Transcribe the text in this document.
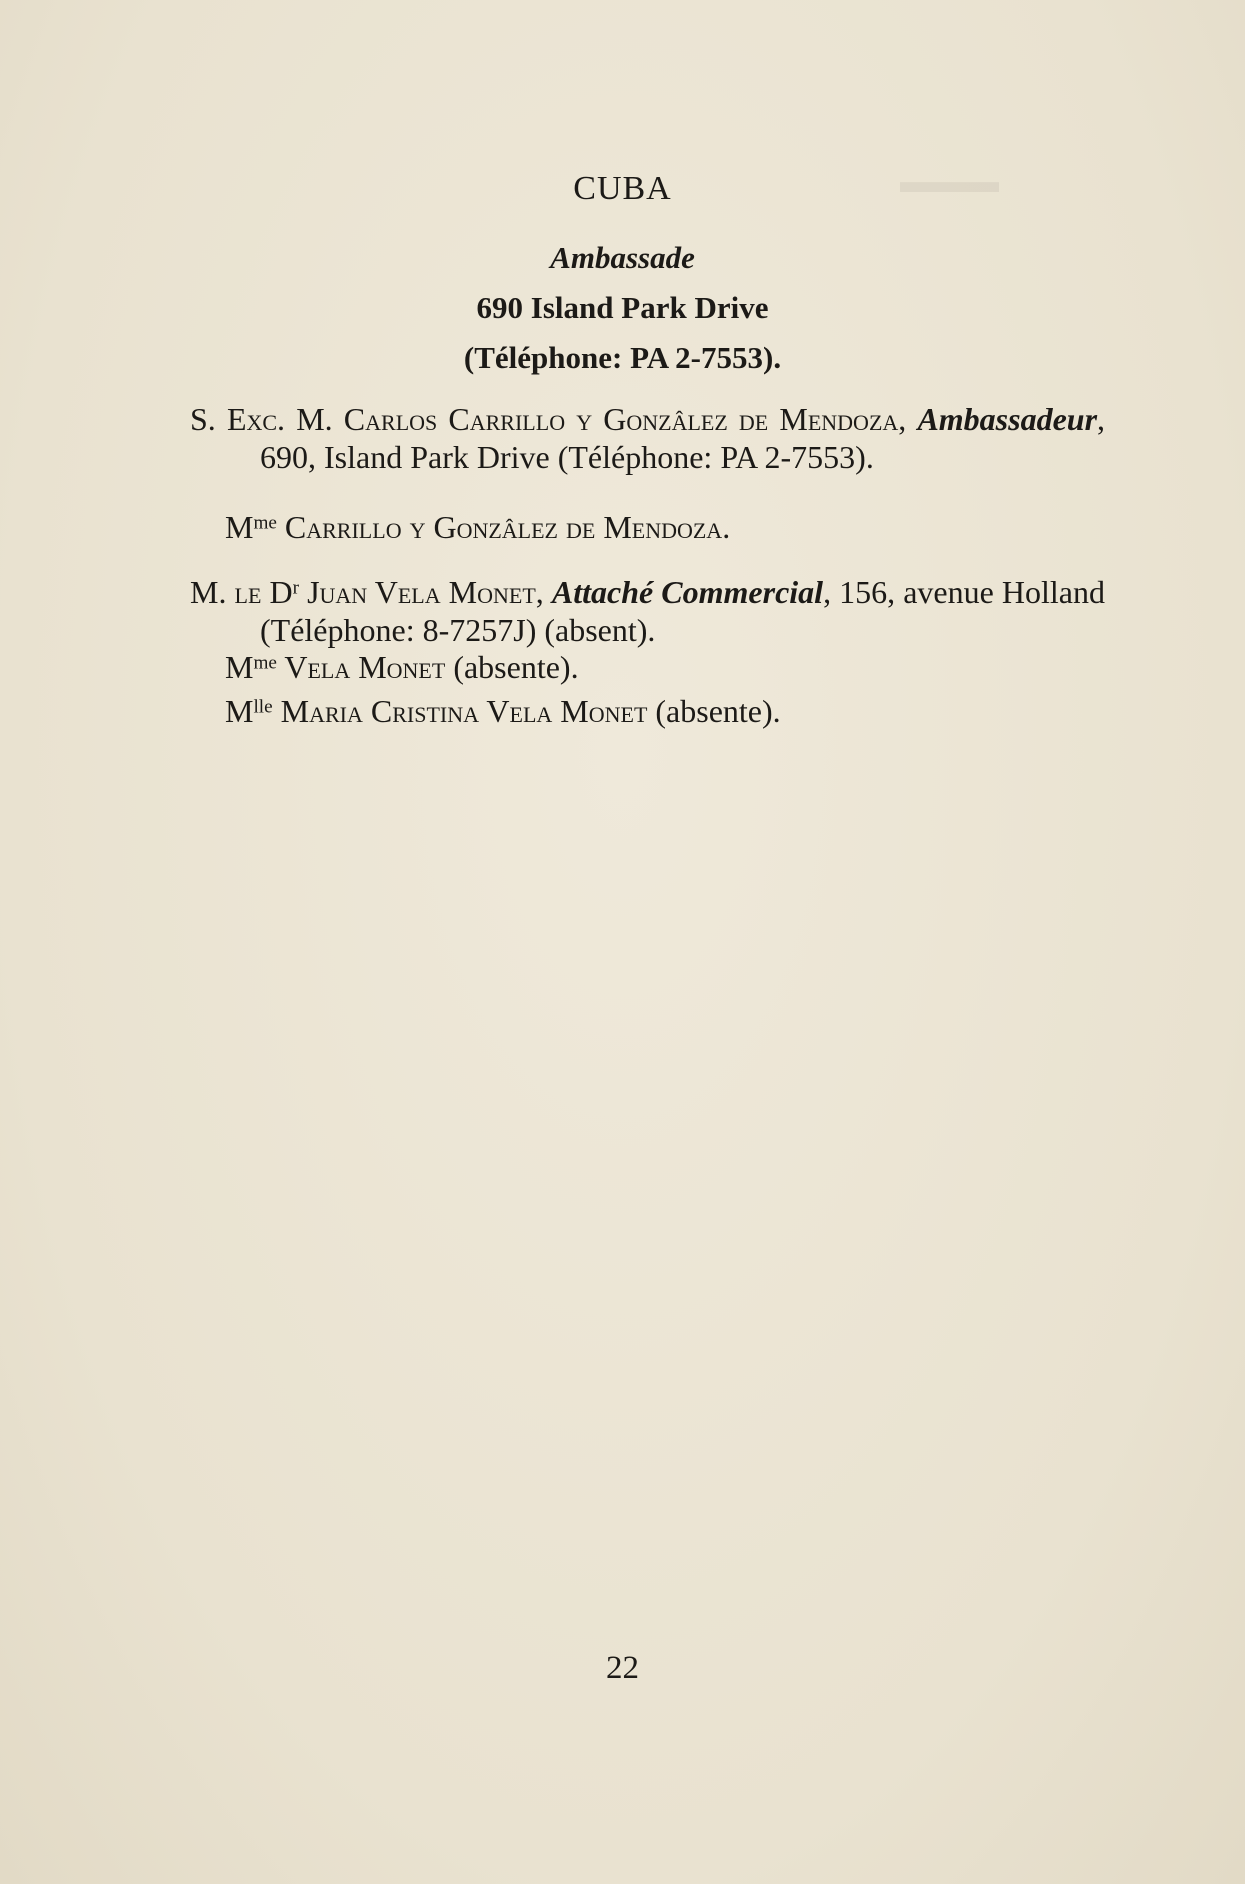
▬▬▬
CUBA
Ambassade
690 Island Park Drive
(Téléphone: PA 2-7553).
S. Exc. M. Carlos Carrillo y Gonzâlez de Mendoza, Ambassadeur, 690, Island Park Drive (Téléphone: PA 2-7553).
$M^{me}$ Carrillo y Gonzâlez de Mendoza.
M. le $D^r$ Juan Vela Monet, Attaché Commercial, 156, avenue Holland (Téléphone: 8-7257J) (absent).
$M^{me}$ Vela Monet (absente).
$M^{lle}$ Maria Cristina Vela Monet (absente).
22
